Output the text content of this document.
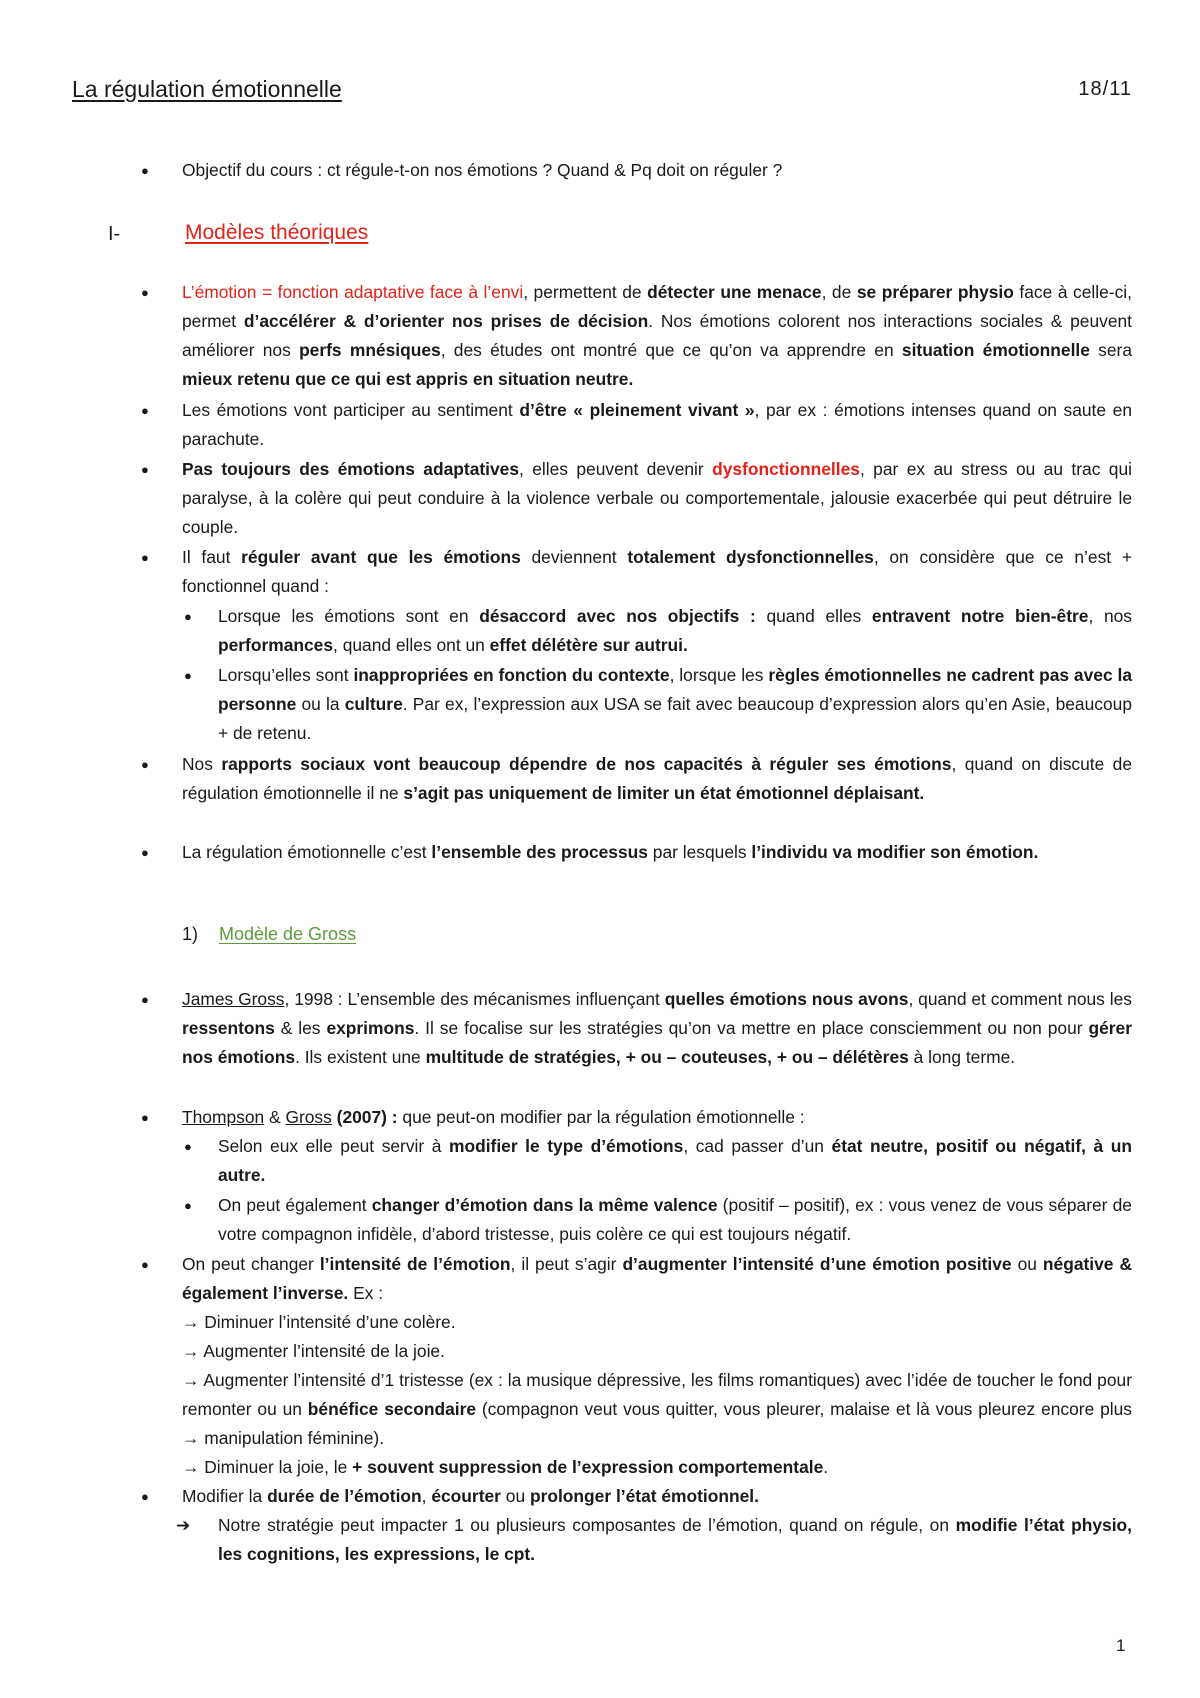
La régulation émotionnelle	18/11
● Objectif du cours : ct régule-t-on nos émotions ? Quand & Pq doit on réguler ?
I-	Modèles théoriques
● L’émotion = fonction adaptative face à l’envi, permettent de détecter une menace, de se préparer physio face à celle-ci, permet d’accélérer & d’orienter nos prises de décision. Nos émotions colorent nos interactions sociales & peuvent améliorer nos perfs mnésiques, des études ont montré que ce qu’on va apprendre en situation émotionnelle sera mieux retenu que ce qui est appris en situation neutre.
● Les émotions vont participer au sentiment d’être « pleinement vivant », par ex : émotions intenses quand on saute en parachute.
● Pas toujours des émotions adaptatives, elles peuvent devenir dysfonctionnelles, par ex au stress ou au trac qui paralyse, à la colère qui peut conduire à la violence verbale ou comportementale, jalousie exacerbée qui peut détruire le couple.
● Il faut réguler avant que les émotions deviennent totalement dysfonctionnelles, on considère que ce n’est + fonctionnel quand :
● Lorsque les émotions sont en désaccord avec nos objectifs : quand elles entravent notre bien-être, nos performances, quand elles ont un effet délétère sur autrui.
● Lorsqu’elles sont inappropriées en fonction du contexte, lorsque les règles émotionnelles ne cadrent pas avec la personne ou la culture. Par ex, l’expression aux USA se fait avec beaucoup d’expression alors qu’en Asie, beaucoup + de retenu.
● Nos rapports sociaux vont beaucoup dépendre de nos capacités à réguler ses émotions, quand on discute de régulation émotionnelle il ne s’agit pas uniquement de limiter un état émotionnel déplaisant.
● La régulation émotionnelle c’est l’ensemble des processus par lesquels l’individu va modifier son émotion.
1) Modèle de Gross
● James Gross, 1998 : L’ensemble des mécanismes influençant quelles émotions nous avons, quand et comment nous les ressentons & les exprimons. Il se focalise sur les stratégies qu’on va mettre en place consciemment ou non pour gérer nos émotions. Ils existent une multitude de stratégies, + ou – couteuses, + ou – délétères à long terme.
● Thompson & Gross (2007) : que peut-on modifier par la régulation émotionnelle :
● Selon eux elle peut servir à modifier le type d’émotions, cad passer d’un état neutre, positif ou négatif, à un autre.
● On peut également changer d’émotion dans la même valence (positif – positif), ex : vous venez de vous séparer de votre compagnon infidèle, d’abord tristesse, puis colère ce qui est toujours négatif.
● On peut changer l’intensité de l’émotion, il peut s’agir d’augmenter l’intensité d’une émotion positive ou négative & également l’inverse. Ex :
→ Diminuer l’intensité d’une colère.
→ Augmenter l’intensité de la joie.
→ Augmenter l’intensité d’1 tristesse (ex : la musique dépressive, les films romantiques) avec l’idée de toucher le fond pour remonter ou un bénéfice secondaire (compagnon veut vous quitter, vous pleurer, malaise et là vous pleurez encore plus → manipulation féminine).
→ Diminuer la joie, le + souvent suppression de l’expression comportementale.
● Modifier la durée de l’émotion, écourter ou prolonger l’état émotionnel.
➔ Notre stratégie peut impacter 1 ou plusieurs composantes de l’émotion, quand on régule, on modifie l’état physio, les cognitions, les expressions, le cpt.
1
